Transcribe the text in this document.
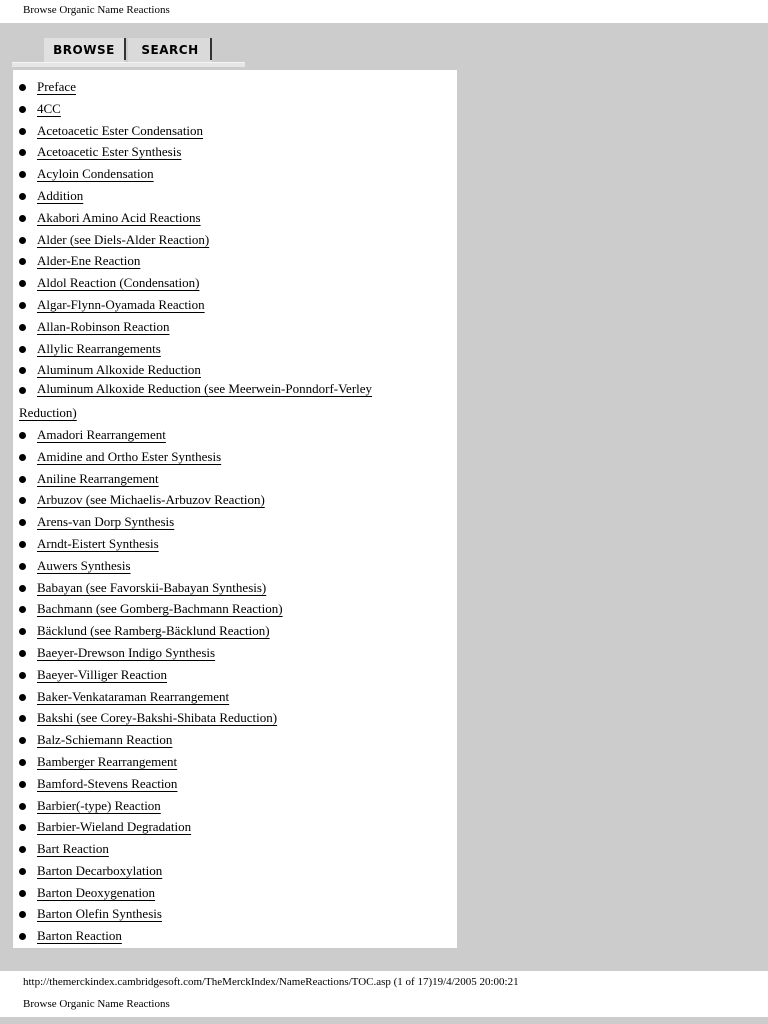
Browse Organic Name Reactions
BROWSE	SEARCH
Preface
4CC
Acetoacetic Ester Condensation
Acetoacetic Ester Synthesis
Acyloin Condensation
Addition
Akabori Amino Acid Reactions
Alder (see Diels-Alder Reaction)
Alder-Ene Reaction
Aldol Reaction (Condensation)
Algar-Flynn-Oyamada Reaction
Allan-Robinson Reaction
Allylic Rearrangements
Aluminum Alkoxide Reduction
Aluminum Alkoxide Reduction (see Meerwein-Ponndorf-Verley
Reduction)
Amadori Rearrangement
Amidine and Ortho Ester Synthesis
Aniline Rearrangement
Arbuzov (see Michaelis-Arbuzov Reaction)
Arens-van Dorp Synthesis
Arndt-Eistert Synthesis
Auwers Synthesis
Babayan (see Favorskii-Babayan Synthesis)
Bachmann (see Gomberg-Bachmann Reaction)
Bäcklund (see Ramberg-Bäcklund Reaction)
Baeyer-Drewson Indigo Synthesis
Baeyer-Villiger Reaction
Baker-Venkataraman Rearrangement
Bakshi (see Corey-Bakshi-Shibata Reduction)
Balz-Schiemann Reaction
Bamberger Rearrangement
Bamford-Stevens Reaction
Barbier(-type) Reaction
Barbier-Wieland Degradation
Bart Reaction
Barton Decarboxylation
Barton Deoxygenation
Barton Olefin Synthesis
Barton Reaction
http://themerckindex.cambridgesoft.com/TheMerckIndex/NameReactions/TOC.asp (1 of 17)19/4/2005 20:00:21
Browse Organic Name Reactions
